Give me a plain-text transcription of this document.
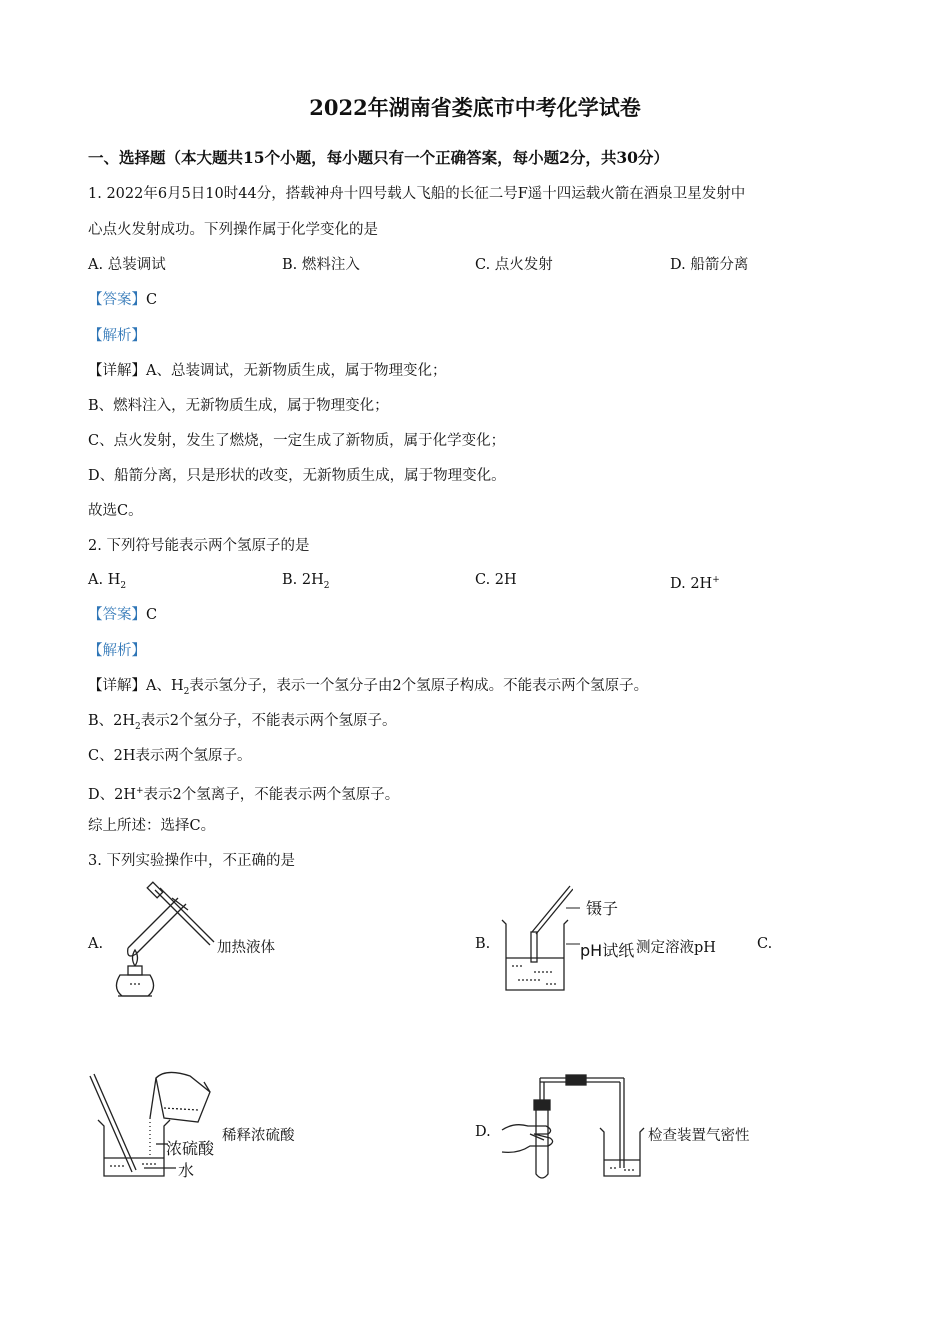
2022年湖南省娄底市中考化学试卷
一、选择题（本大题共15个小题，每小题只有一个正确答案，每小题2分，共30分）
1. 2022年6月5日10时44分，搭载神舟十四号载人飞船的长征二号F遥十四运载火箭在酒泉卫星发射中
心点火发射成功。下列操作属于化学变化的是
A. 总装调试	B. 燃料注入	C. 点火发射	D. 船箭分离
【答案】C
【解析】
【详解】A、总装调试，无新物质生成，属于物理变化；
B、燃料注入，无新物质生成，属于物理变化；
C、点火发射，发生了燃烧，一定生成了新物质，属于化学变化；
D、船箭分离，只是形状的改变，无新物质生成，属于物理变化。
故选C。
2. 下列符号能表示两个氢原子的是
A. $H_2$	B. $2H_2$	C. 2H	D. 2H+
【答案】C
【解析】
【详解】A、$H_2$表示氢分子，表示一个氢分子由2个氢原子构成。不能表示两个氢原子。
B、$2H_2$表示2个氢分子，不能表示两个氢原子。
C、2H表示两个氢原子。
D、2H+表示2个氢离子，不能表示两个氢原子。
综上所述：选择C。
3. 下列实验操作中，不正确的是
A.	加热液体	B.
镊子
pH试纸 测定溶液pH	C.
浓硫酸
水
稀释浓硫酸	D.	检查装置气密性
